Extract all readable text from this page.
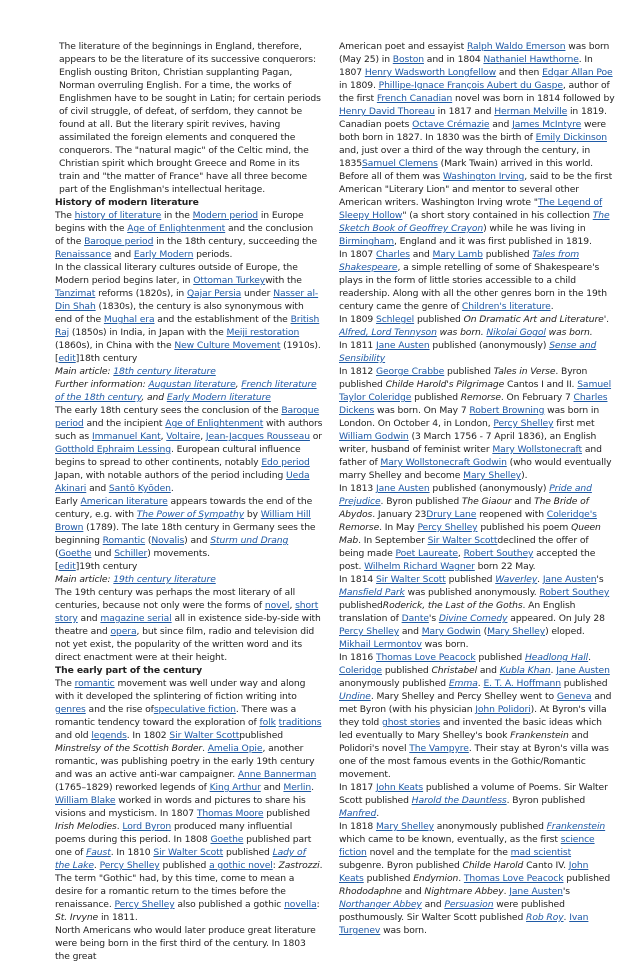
The literature of the beginnings in England, therefore, appears to be the literature of its successive conquerors: English ousting Briton, Christian supplanting Pagan, Norman overruling English. For a time, the works of Englishmen have to be sought in Latin; for certain periods of civil struggle, of defeat, of serfdom, they cannot be found at all. But the literary spirit revives, having assimilated the foreign elements and conquered the conquerors. The "natural magic" of the Celtic mind, the Christian spirit which brought Greece and Rome in its train and "the matter of France" have all three become part of the Englishman's intellectual heritage.

History of modern literature

The history of literature in the Modern period in Europe begins with the Age of Enlightenment and the conclusion of the Baroque period in the 18th century, succeeding the Renaissance and Early Modern periods.

In the classical literary cultures outside of Europe, the Modern period begins later, in Ottoman Turkeywith the Tanzimat reforms (1820s), in Qajar Persia under Nasser al-Din Shah (1830s), the century is also synonymous with end of the Mughal era and the establishment of the British Raj (1850s) in India, in Japan with the Meiji restoration (1860s), in China with the New Culture Movement (1910s).

[edit]18th century

Main article: 18th century literature

Further information: Augustan literature, French literature of the 18th century, and Early Modern literature

The early 18th century sees the conclusion of the Baroque period and the incipient Age of Enlightenment with authors such as Immanuel Kant, Voltaire, Jean-Jacques Rousseau or Gotthold Ephraim Lessing. European cultural influence begins to spread to other continents, notably Edo period Japan, with notable authors of the period including Ueda Akinari and Santō Kyōden.

Early American literature appears towards the end of the century, e.g. with The Power of Sympathy by William Hill Brown (1789). The late 18th century in Germany sees the beginning Romantic (Novalis) and Sturm und Drang (Goethe und Schiller) movements.

[edit]19th century

Main article: 19th century literature

The 19th century was perhaps the most literary of all centuries, because not only were the forms of novel, short story and magazine serial all in existence side-by-side with theatre and opera, but since film, radio and television did not yet exist, the popularity of the written word and its direct enactment were at their height.

The early part of the century

The romantic movement was well under way and along with it developed the splintering of fiction writing into genres and the rise ofspeculative fiction. There was a romantic tendency toward the exploration of folk traditions and old legends. In 1802 Sir Walter Scottpublished Minstrelsy of the Scottish Border. Amelia Opie, another romantic, was publishing poetry in the early 19th century and was an active anti-war campaigner. Anne Bannerman (1765–1829) reworked legends of King Arthur and Merlin. William Blake worked in words and pictures to share his visions and mysticism. In 1807 Thomas Moore published Irish Melodies. Lord Byron produced many influential poems during this period. In 1808 Goethe published part one of Faust. In 1810 Sir Walter Scott published Lady of the Lake. Percy Shelley published a gothic novel: Zastrozzi. The term "Gothic" had, by this time, come to mean a desire for a romantic return to the times before the renaissance. Percy Shelley also published a gothic novella: St. Irvyne in 1811.

North Americans who would later produce great literature were being born in the first third of the century. In 1803 the great

American poet and essayist Ralph Waldo Emerson was born (May 25) in Boston and in 1804 Nathaniel Hawthorne. In 1807 Henry Wadsworth Longfellow and then Edgar Allan Poe in 1809. Phillipe-Ignace François Aubert du Gaspe, author of the first French Canadian novel was born in 1814 followed by Henry David Thoreau in 1817 and Herman Melville in 1819. Canadian poets Octave Crémazie and James McIntyre were both born in 1827. In 1830 was the birth of Emily Dickinson and, just over a third of the way through the century, in 1835Samuel Clemens (Mark Twain) arrived in this world. Before all of them was Washington Irving, said to be the first American "Literary Lion" and mentor to several other American writers. Washington Irving wrote "The Legend of Sleepy Hollow" (a short story contained in his collection The Sketch Book of Geoffrey Crayon) while he was living in Birmingham, England and it was first published in 1819.

In 1807 Charles and Mary Lamb published Tales from Shakespeare, a simple retelling of some of Shakespeare's plays in the form of little stories accessible to a child readership. Along with all the other genres born in the 19th century came the genre of Children's literature.

In 1809 Schlegel published On Dramatic Art and Literature'. Alfred, Lord Tennyson was born. Nikolai Gogol was born.

In 1811 Jane Austen published (anonymously) Sense and Sensibility

In 1812 George Crabbe published Tales in Verse. Byron published Childe Harold's Pilgrimage Cantos I and II. Samuel Taylor Coleridge published Remorse. On February 7 Charles Dickens was born. On May 7 Robert Browning was born in London. On October 4, in London, Percy Shelley first met William Godwin (3 March 1756 - 7 April 1836), an English writer, husband of feminist writer Mary Wollstonecraft and father of Mary Wollstonecraft Godwin (who would eventually marry Shelley and become Mary Shelley).

In 1813 Jane Austen published (anonymously) Pride and Prejudice. Byron published The Giaour and The Bride of Abydos. January 23Drury Lane reopened with Coleridge's Remorse. In May Percy Shelley published his poem Queen Mab. In September Sir Walter Scottdeclined the offer of being made Poet Laureate, Robert Southey accepted the post. Wilhelm Richard Wagner born 22 May.

In 1814 Sir Walter Scott published Waverley. Jane Austen's Mansfield Park was published anonymously. Robert Southey publishedRoderick, the Last of the Goths. An English translation of Dante's Divine Comedy appeared. On July 28 Percy Shelley and Mary Godwin (Mary Shelley) eloped. Mikhail Lermontov was born.

In 1816 Thomas Love Peacock published Headlong Hall. Coleridge published Christabel and Kubla Khan. Jane Austen anonymously published Emma. E. T. A. Hoffmann published Undine. Mary Shelley and Percy Shelley went to Geneva and met Byron (with his physician John Polidori). At Byron's villa they told ghost stories and invented the basic ideas which led eventually to Mary Shelley's book Frankenstein and Polidori's novel The Vampyre. Their stay at Byron's villa was one of the most famous events in the Gothic/Romantic movement.

In 1817 John Keats published a volume of Poems. Sir Walter Scott published Harold the Dauntless. Byron published Manfred.

In 1818 Mary Shelley anonymously published Frankenstein which came to be known, eventually, as the first science fiction novel and the template for the mad scientist subgenre. Byron published Childe Harold Canto IV. John Keats published Endymion. Thomas Love Peacock published Rhododaphne and Nightmare Abbey. Jane Austen's Northanger Abbey and Persuasion were published posthumously. Sir Walter Scott published Rob Roy. Ivan Turgenev was born.
